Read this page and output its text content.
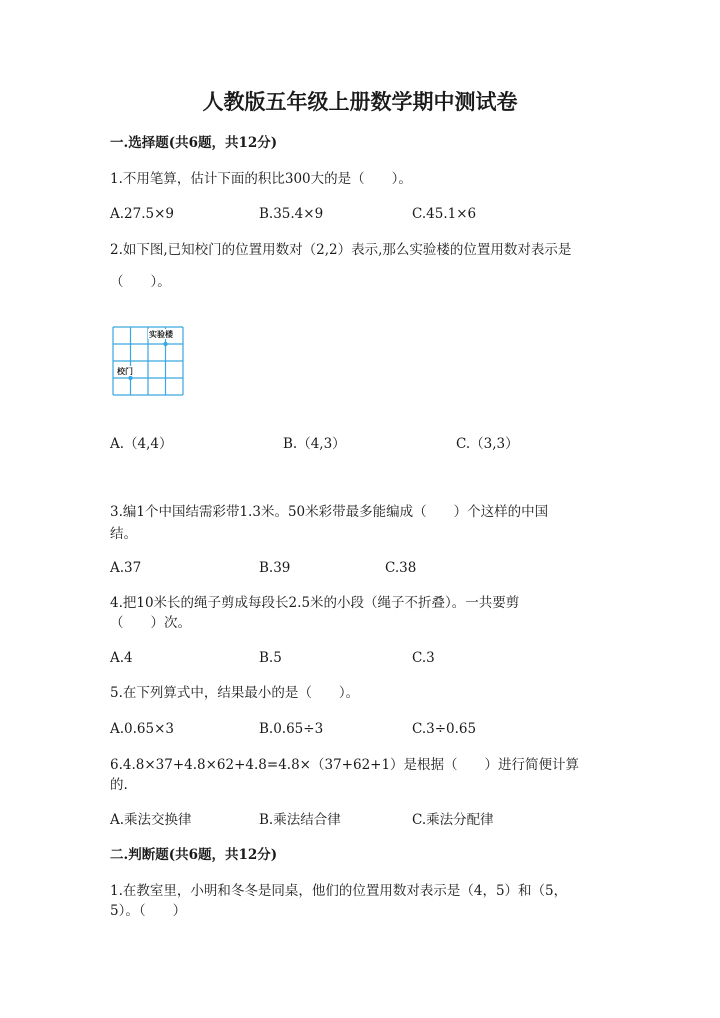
人教版五年级上册数学期中测试卷
一.选择题(共6题，共12分)
1.不用笔算，估计下面的积比300大的是（　　）。
A.27.5×9	B.35.4×9	C.45.1×6
2.如下图,已知校门的位置用数对（2,2）表示,那么实验楼的位置用数对表示是
（　　）。
实验楼
校门
A.（4,4）	B.（4,3）	C.（3,3）
3.编1个中国结需彩带1.3米。50米彩带最多能编成（　　）个这样的中国
结。
A.37	B.39	C.38
4.把10米长的绳子剪成每段长2.5米的小段（绳子不折叠）。一共要剪
（　　）次。
A.4	B.5	C.3
5.在下列算式中，结果最小的是（　　）。
A.0.65×3	B.0.65÷3	C.3÷0.65
6.4.8×37+4.8×62+4.8=4.8×（37+62+1）是根据（　　）进行简便计算
的.
A.乘法交换律	B.乘法结合律	C.乘法分配律
二.判断题(共6题，共12分)
1.在教室里，小明和冬冬是同桌，他们的位置用数对表示是（4，5）和（5，
5）。（　　）
